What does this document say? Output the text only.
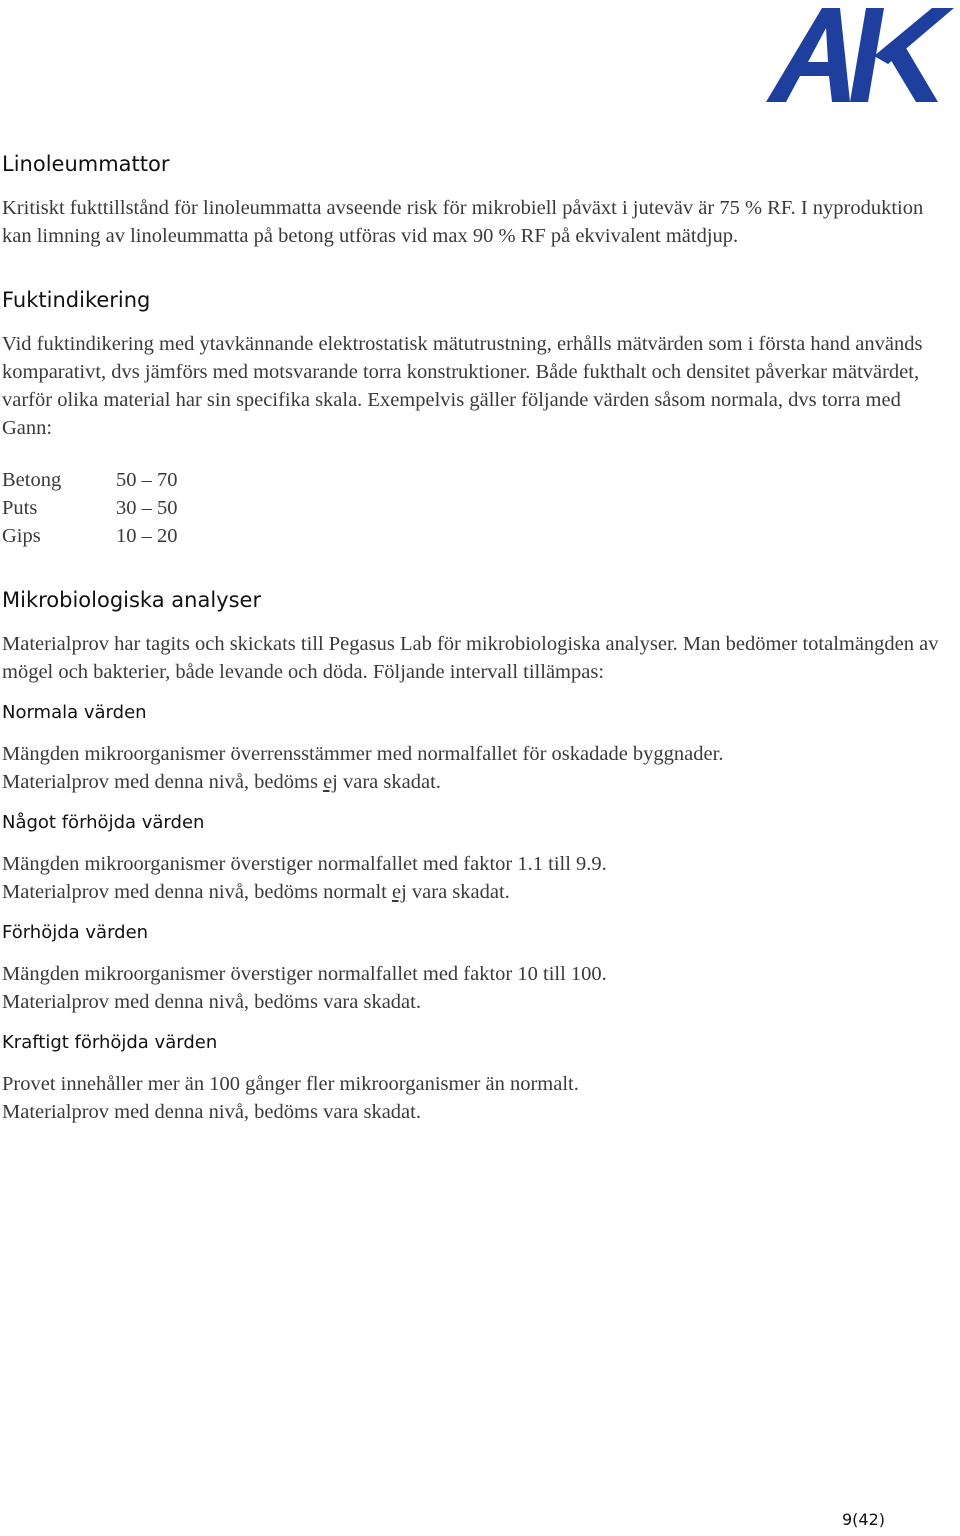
Linoleummattor

Kritiskt fukttillstånd för linoleummatta avseende risk för mikrobiell påväxt i juteväv är 75 % RF. I nyproduktion kan limning av linoleummatta på betong utföras vid max 90 % RF på ekvivalent mätdjup.

Fuktindikering

Vid fuktindikering med ytavkännande elektrostatisk mätutrustning, erhålls mätvärden som i första hand används komparativt, dvs jämförs med motsvarande torra konstruktioner. Både fukthalt och densitet påverkar mätvärdet, varför olika material har sin specifika skala. Exempelvis gäller följande värden såsom normala, dvs torra med Gann:

Betong	50 – 70
Puts	30 – 50
Gips	10 – 20
Mikrobiologiska analyser

Materialprov har tagits och skickats till Pegasus Lab för mikrobiologiska analyser. Man bedömer totalmängden av mögel och bakterier, både levande och döda. Följande intervall tillämpas:

Normala värden

Mängden mikroorganismer överrensstämmer med normalfallet för oskadade byggnader.
Materialprov med denna nivå, bedöms ej vara skadat.

Något förhöjda värden

Mängden mikroorganismer överstiger normalfallet med faktor 1.1 till 9.9.
Materialprov med denna nivå, bedöms normalt ej vara skadat.

Förhöjda värden

Mängden mikroorganismer överstiger normalfallet med faktor 10 till 100.
Materialprov med denna nivå, bedöms vara skadat.

Kraftigt förhöjda värden

Provet innehåller mer än 100 gånger fler mikroorganismer än normalt.
Materialprov med denna nivå, bedöms vara skadat.

9(42)
